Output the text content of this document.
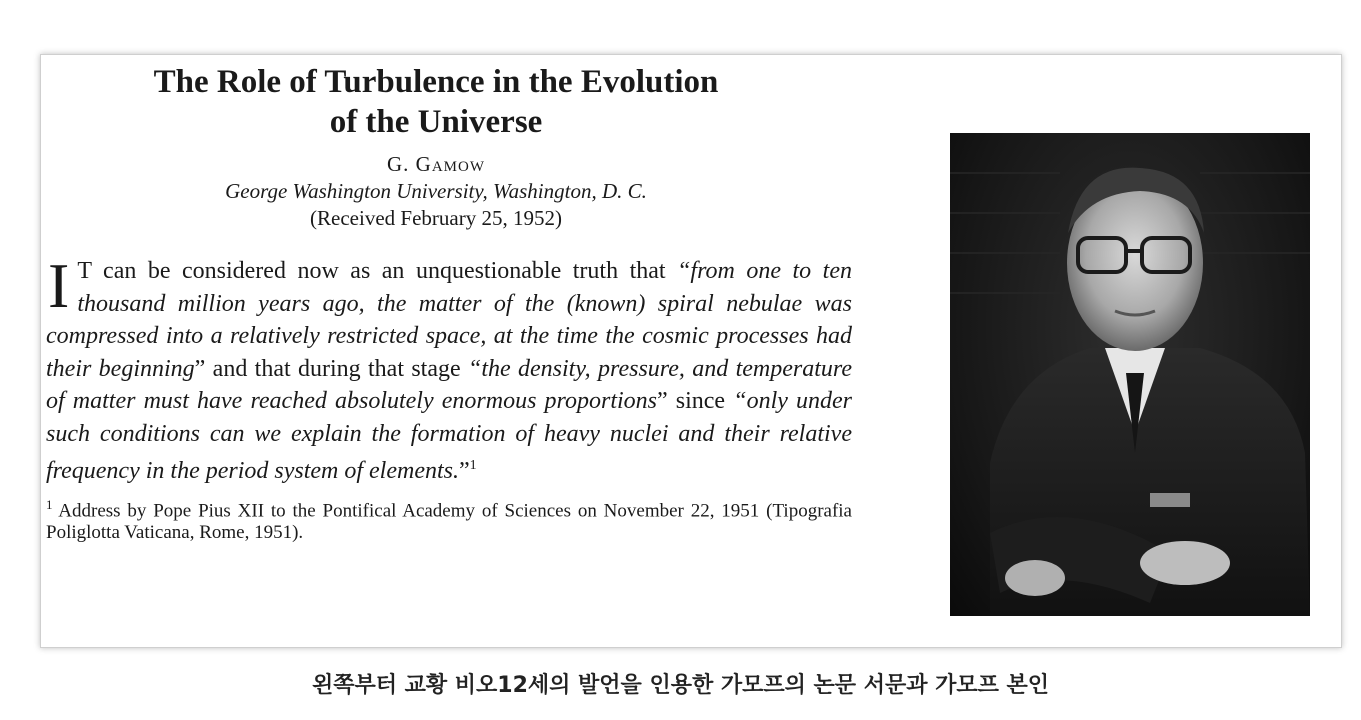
The Role of Turbulence in the Evolution
of the Universe
G. Gamow
George Washington University, Washington, D. C.
(Received February 25, 1952)
I T can be considered now as an unquestionable truth that “from one to ten thousand million years ago, the matter of the (known) spiral nebulae was compressed into a relatively restricted space, at the time the cosmic processes had their beginning” and that during that stage “the density, pressure, and temperature of matter must have reached absolutely enormous proportions” since “only under such conditions can we explain the formation of heavy nuclei and their relative frequency in the period system of elements.”$^1$
$^1$ Address by Pope Pius XII to the Pontifical Academy of Sciences on November 22, 1951 (Tipografia Poliglotta Vaticana, Rome, 1951).
왼쪽부터 교황 비오12세의 발언을 인용한 가모프의 논문 서문과 가모프 본인
